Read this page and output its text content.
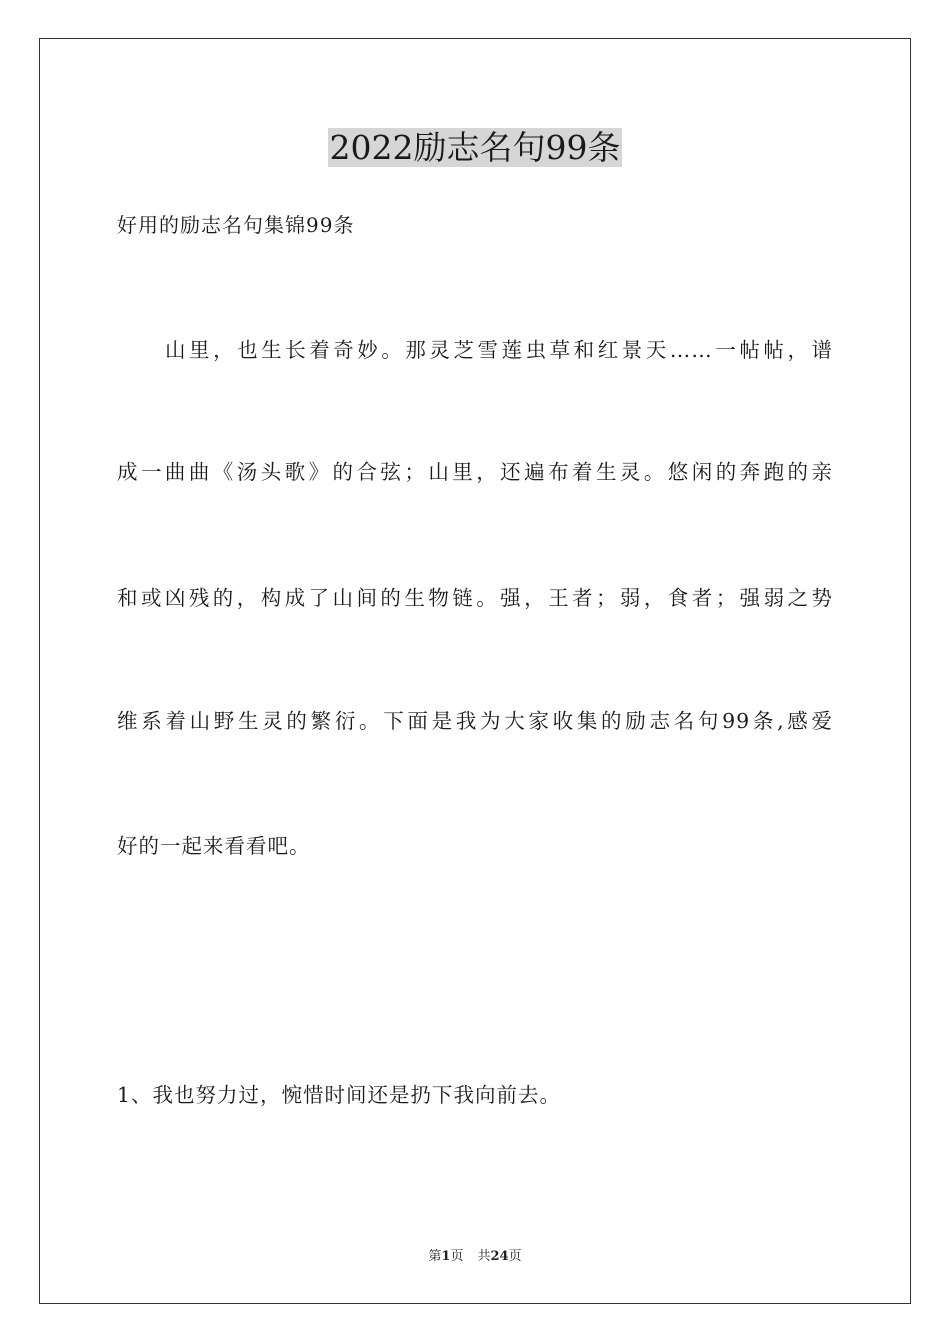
2022励志名句99条
好用的励志名句集锦99条
山里，也生长着奇妙。那灵芝雪莲虫草和红景天……一帖帖，谱
成一曲曲《汤头歌》的合弦；山里，还遍布着生灵。悠闲的奔跑的亲
和或凶残的，构成了山间的生物链。强，王者；弱，食者；强弱之势
维系着山野生灵的繁衍。下面是我为大家收集的励志名句99条,感爱
好的一起来看看吧。
1、我也努力过，惋惜时间还是扔下我向前去。
第1页 共24页
